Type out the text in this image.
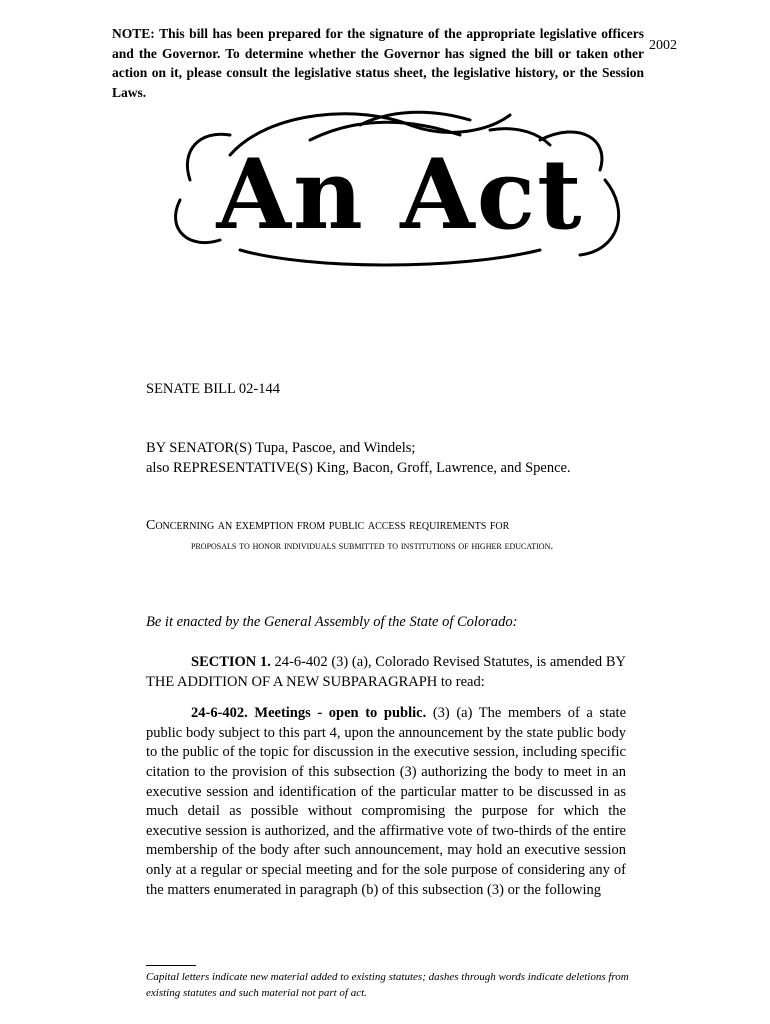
NOTE: This bill has been prepared for the signature of the appropriate legislative officers and the Governor. To determine whether the Governor has signed the bill or taken other action on it, please consult the legislative status sheet, the legislative history, or the Session Laws.
2002
An Act
SENATE BILL 02-144
BY SENATOR(S) Tupa, Pascoe, and Windels;
also REPRESENTATIVE(S) King, Bacon, Groff, Lawrence, and Spence.
Concerning an exemption from public access requirements for
proposals to honor individuals submitted to institutions of higher education.
Be it enacted by the General Assembly of the State of Colorado:

SECTION 1. 24-6-402 (3) (a), Colorado Revised Statutes, is amended BY THE ADDITION OF A NEW SUBPARAGRAPH to read:

24-6-402. Meetings - open to public. (3) (a) The members of a state public body subject to this part 4, upon the announcement by the state public body to the public of the topic for discussion in the executive session, including specific citation to the provision of this subsection (3) authorizing the body to meet in an executive session and identification of the particular matter to be discussed in as much detail as possible without compromising the purpose for which the executive session is authorized, and the affirmative vote of two-thirds of the entire membership of the body after such announcement, may hold an executive session only at a regular or special meeting and for the sole purpose of considering any of the matters enumerated in paragraph (b) of this subsection (3) or the following

Capital letters indicate new material added to existing statutes; dashes through words indicate deletions from existing statutes and such material not part of act.
